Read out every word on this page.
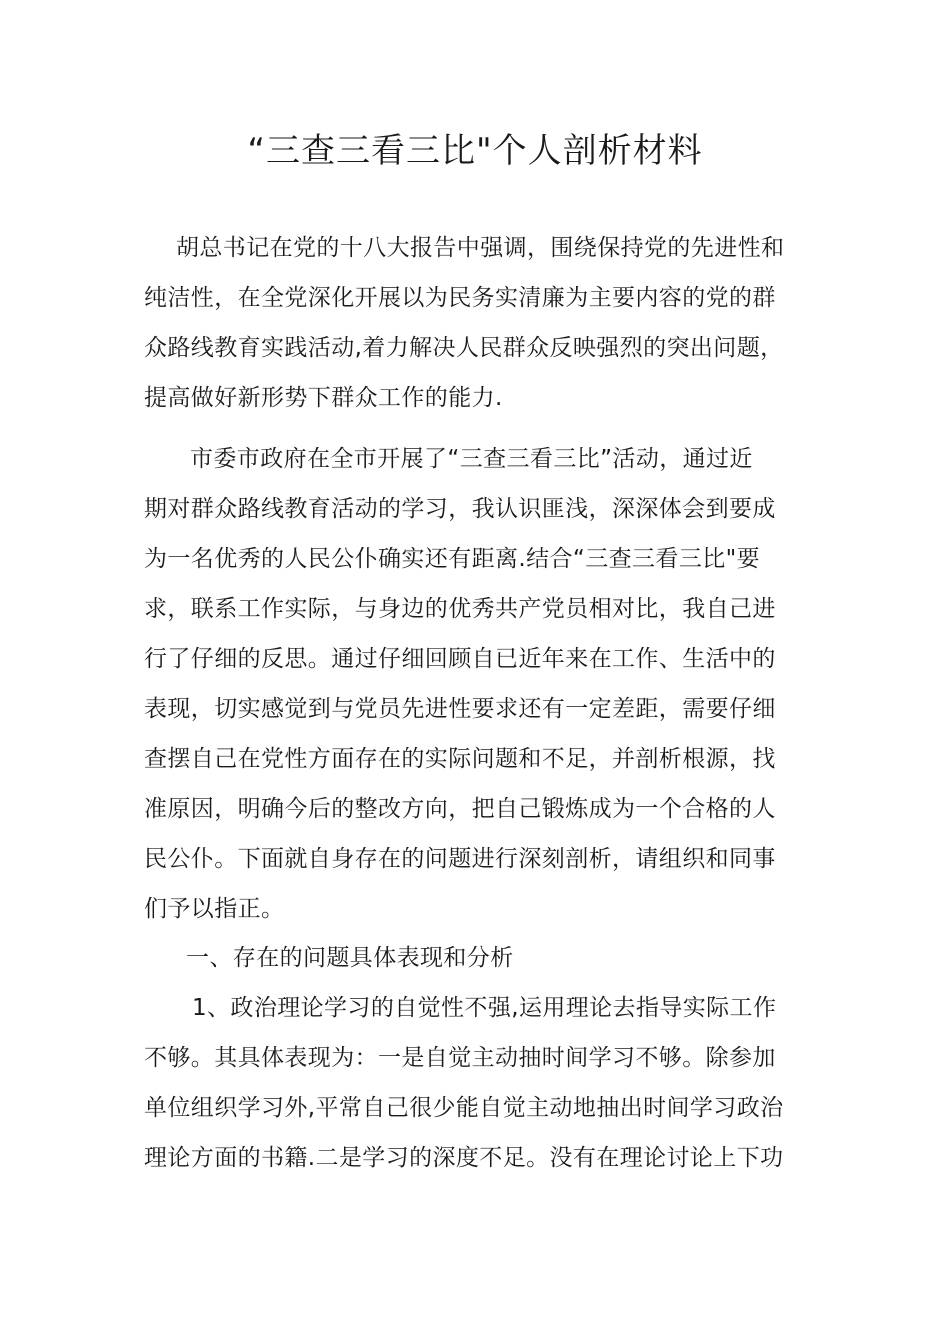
“三查三看三比"个人剖析材料
胡总书记在党的十八大报告中强调，围绕保持党的先进性和
纯洁性，在全党深化开展以为民务实清廉为主要内容的党的群
众路线教育实践活动,着力解决人民群众反映强烈的突出问题，
提高做好新形势下群众工作的能力.
市委市政府在全市开展了“三查三看三比”活动，通过近
期对群众路线教育活动的学习，我认识匪浅，深深体会到要成
为一名优秀的人民公仆确实还有距离.结合“三查三看三比"要
求，联系工作实际，与身边的优秀共产党员相对比，我自己进
行了仔细的反思。通过仔细回顾自已近年来在工作、生活中的
表现，切实感觉到与党员先进性要求还有一定差距，需要仔细
查摆自己在党性方面存在的实际问题和不足，并剖析根源，找
准原因，明确今后的整改方向，把自己锻炼成为一个合格的人
民公仆。下面就自身存在的问题进行深刻剖析，请组织和同事
们予以指正。
一、存在的问题具体表现和分析
1、政治理论学习的自觉性不强,运用理论去指导实际工作
不够。其具体表现为：一是自觉主动抽时间学习不够。除参加
单位组织学习外,平常自己很少能自觉主动地抽出时间学习政治
理论方面的书籍.二是学习的深度不足。没有在理论讨论上下功
